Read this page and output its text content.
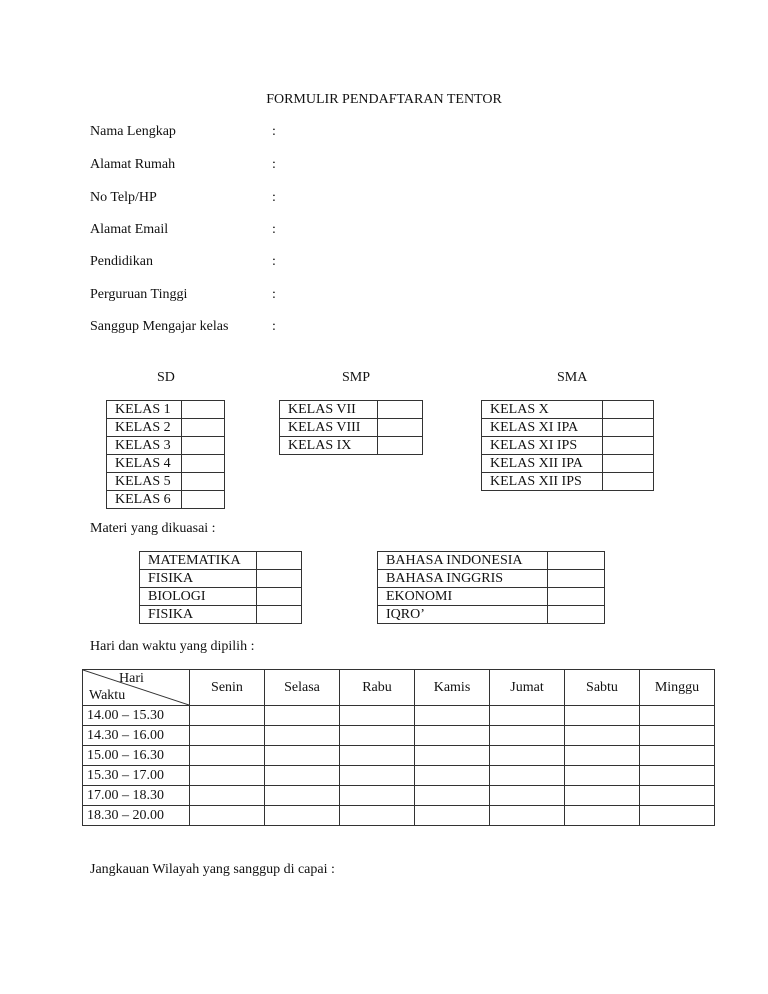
FORMULIR PENDAFTARAN TENTOR
Nama Lengkap	:
Alamat Rumah	:
No Telp/HP	:
Alamat Email	:
Pendidikan	:
Perguruan Tinggi	:
Sanggup Mengajar kelas	:
SD	SMP	SMA
KELAS 1	
KELAS 2	
KELAS 3	
KELAS 4	
KELAS 5	
KELAS 6	
KELAS VII	
KELAS VIII	
KELAS IX	
KELAS X	
KELAS XI IPA	
KELAS XI IPS	
KELAS XII IPA	
KELAS XII IPS	
Materi yang dikuasai :
MATEMATIKA	
FISIKA	
BIOLOGI	
FISIKA	
BAHASA INDONESIA	
BAHASA INGGRIS	
EKONOMI	
IQRO’	
Hari dan waktu yang dipilih :
Hari
Waktu	Senin	Selasa	Rabu	Kamis	Jumat	Sabtu	Minggu
14.00 – 15.30							
14.30 – 16.00							
15.00 – 16.30							
15.30 – 17.00							
17.00 – 18.30							
18.30 – 20.00							
Jangkauan Wilayah yang sanggup di capai :
